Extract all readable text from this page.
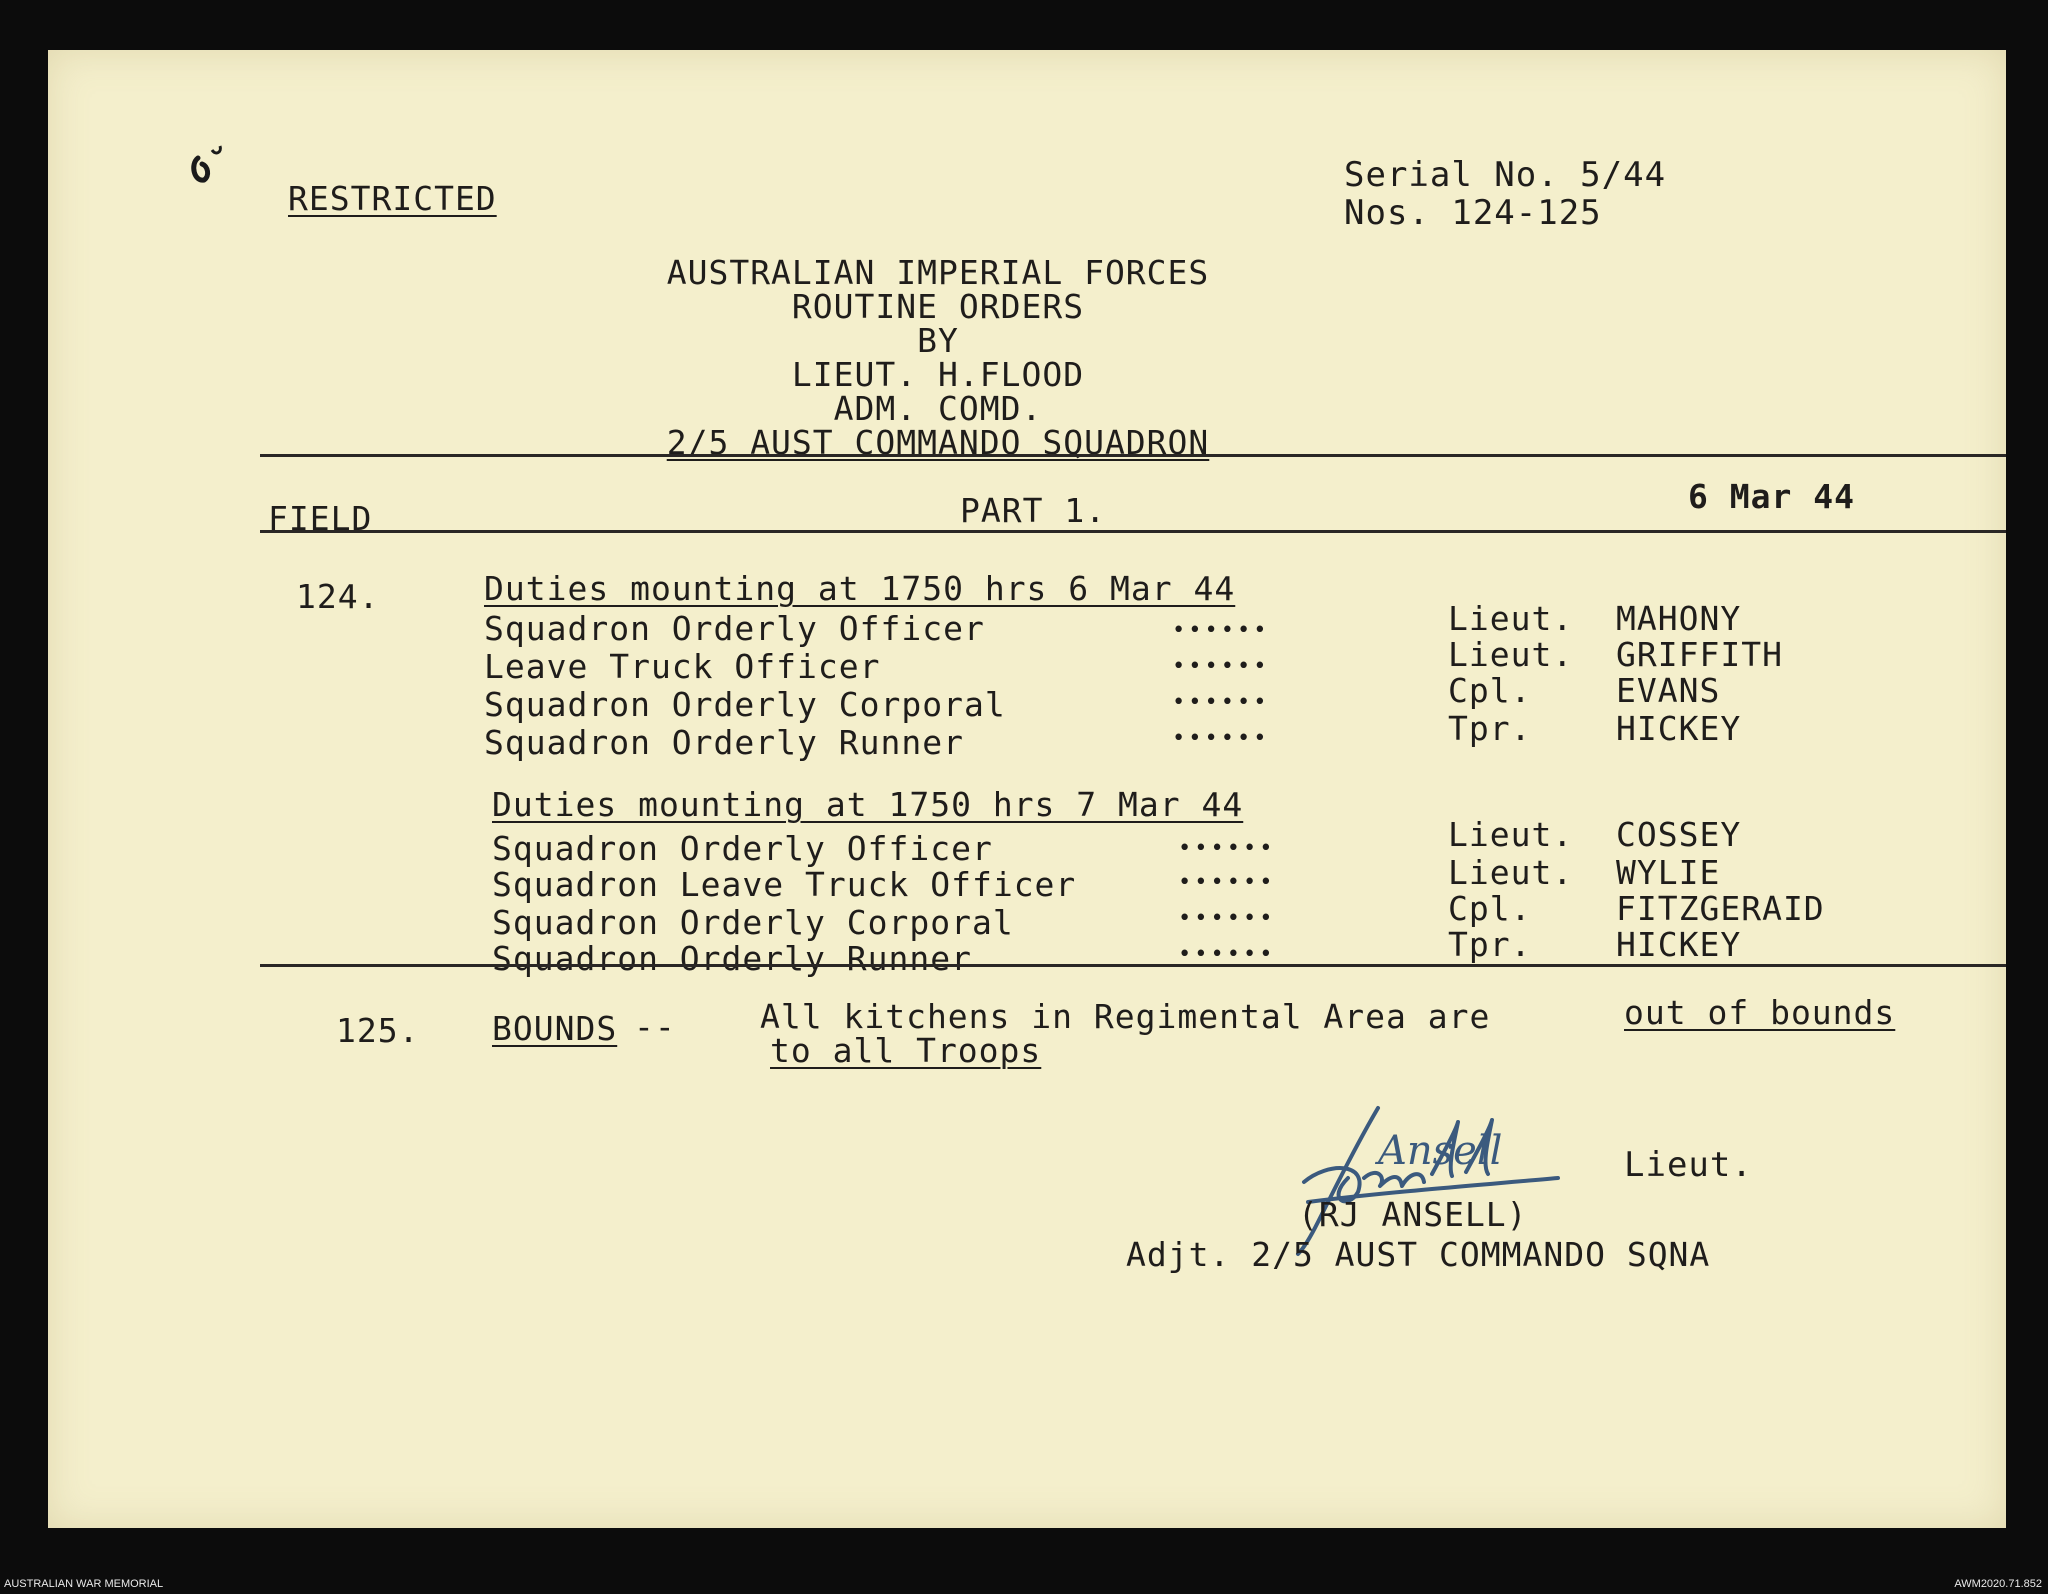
RESTRICTED
Serial No. 5/44
Nos. 124-125
AUSTRALIAN IMPERIAL FORCES
ROUTINE ORDERS
BY
LIEUT. H.FLOOD
ADM. COMD.
2/5 AUST COMMANDO SQUADRON
FIELD	PART 1.	6 Mar 44
124.	Duties mounting at 1750 hrs 6 Mar 44
Squadron Orderly Officer	••••••	Lieut. MAHONY
Leave Truck Officer	••••••	Lieut. GRIFFITH
Squadron Orderly Corporal	••••••	Cpl.	EVANS
Squadron Orderly Runner	••••••	Tpr.	HICKEY
Duties mounting at 1750 hrs 7 Mar 44
Squadron Orderly Officer	••••••	Lieut. COSSEY
Squadron Leave Truck Officer	••••••	Lieut. WYLIE
Squadron Orderly Corporal	••••••	Cpl.	FITZGERAID
Squadron Orderly Runner	••••••	Tpr.	HICKEY
125. BOUNDS --	All kitchens in Regimental Area are	out of bounds
to all Troops
Ansell	Lieut.
(RJ ANSELL)
Adjt. 2/5 AUST COMMANDO SQNA
AUSTRALIAN WAR MEMORIAL	AWM2020.71.852
